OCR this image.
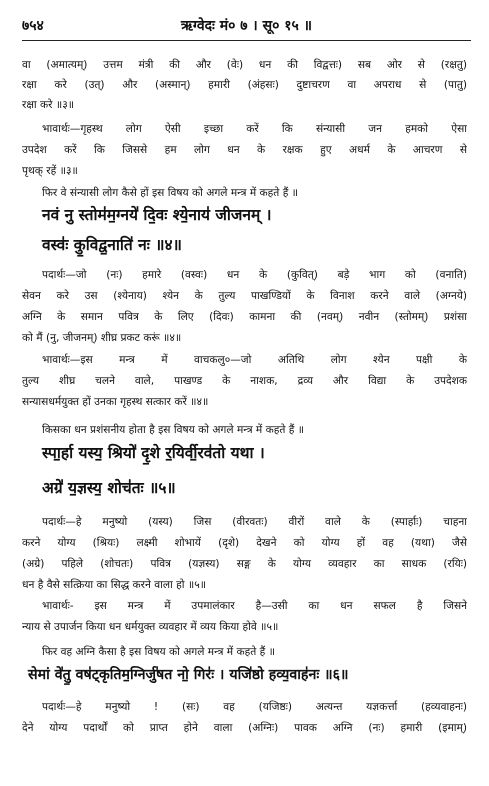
७५४	ऋग्वेदः मं० ७ । सू० १५ ॥
वा (अमात्यम्) उत्तम मंत्री की और (वेः) धन की विद्वत्तः) सब ओर से (रक्षतु)
रक्षा करे (उत्) और (अस्मान्) हमारी (अंहसः) दुष्टाचरण वा अपराध से (पातु)
रक्षा करे ॥३॥
भावार्थः—गृहस्थ लोग ऐसी इच्छा करें कि संन्यासी जन हमको ऐसा
उपदेश करें कि जिससे हम लोग धन के रक्षक हुए अधर्म के आचरण से
पृथक् रहें ॥३॥
फिर वे संन्यासी लोग कैसे हों इस विषय को अगले मन्त्र में कहते हैं ॥
नवं नु स्तोम॑म॒ग्नये॑ दि॒वः श्ये॒नाय॑ जीजनम् ।
वस्वः॑ कु॒विद्व॒नाति॑ नः ॥४॥
पदार्थः—जो (नः) हमारे (वस्वः) धन के (कुवित्) बड़े भाग को (वनाति)
सेवन करे उस (श्येनाय) श्येन के तुल्य पाखण्डियों के विनाश करने वाले (अग्नये)
अग्नि के समान पवित्र के लिए (दिवः) कामना की (नवम्) नवीन (स्तोमम्) प्रशंसा
को मैं (नु, जीजनम्) शीघ्र प्रकट करूं ॥४॥
भावार्थः—इस मन्त्र में वाचकलु०—जो अतिथि लोग श्येन पक्षी के
तुल्य शीघ्र चलने वाले, पाखण्ड के नाशक, द्रव्य और विद्या के उपदेशक
सन्यासधर्मयुक्त हों उनका गृहस्थ सत्कार करें ॥४॥
किसका धन प्रशंसनीय होता है इस विषय को अगले मन्त्र में कहते हैं ॥
स्पा॒र्हा यस्य॒ श्रियो॑ दृ॒शे र॒यिर्वी॒रव॑तो यथा ।
अग्रे॑ य॒ज्ञस्य॒ शोच॑तः ॥५॥
पदार्थः—हे मनुष्यो (यस्य) जिस (वीरवतः) वीरों वाले के (स्पार्हाः) चाहना
करने योग्य (श्रियः) लक्ष्मी शोभायें (दृशे) देखने को योग्य हों वह (यथा) जैसे
(अग्रे) पहिले (शोचतः) पवित्र (यज्ञस्य) सङ्ग के योग्य व्यवहार का साधक (रयिः)
धन है वैसे सत्क्रिया का सिद्ध करने वाला हो ॥५॥
भावार्थः- इस मन्त्र में उपमालंकार है—उसी का धन सफल है जिसने
न्याय से उपार्जन किया धन धर्मयुक्त व्यवहार में व्यय किया होवे ॥५॥
फिर वह अग्नि कैसा है इस विषय को अगले मन्त्र में कहते हैं ॥
सेमां वे॑तु॒ वष॑ट्कृतिम॒ग्निर्जु॑षत नो॒ गिरः॑ । यजि॑ष्ठो हव्य॒वाह॑नः ॥६॥
पदार्थः—हे मनुष्यो ! (सः) वह (यजिष्ठः) अत्यन्त यज्ञकर्त्ता (हव्यवाहनः)
देने योग्य पदार्थों को प्राप्त होने वाला (अग्निः) पावक अग्नि (नः) हमारी (इमाम्)
